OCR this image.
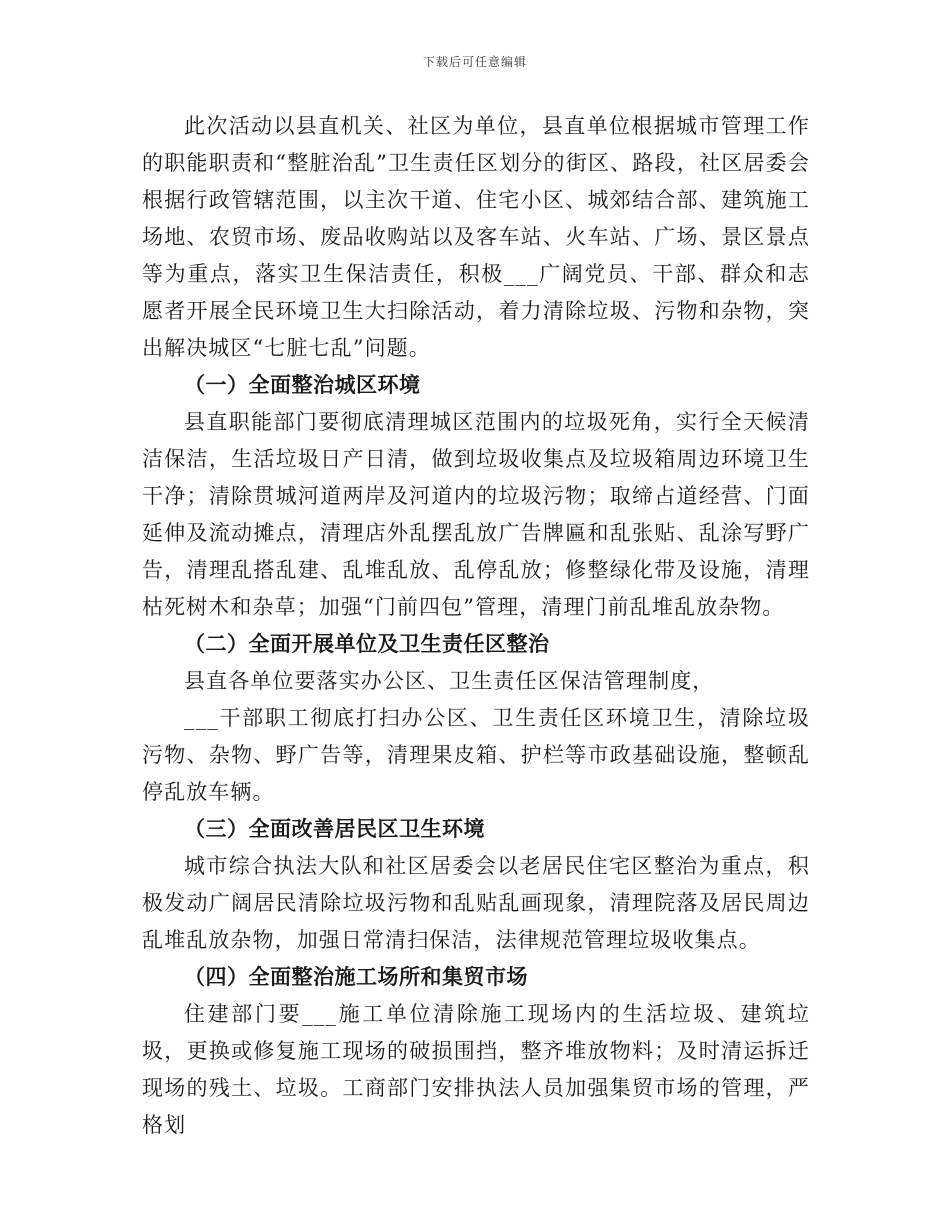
下载后可任意编辑

此次活动以县直机关、社区为单位，县直单位根据城市管理工作的职能职责和“整脏治乱”卫生责任区划分的街区、路段，社区居委会根据行政管辖范围，以主次干道、住宅小区、城郊结合部、建筑施工场地、农贸市场、废品收购站以及客车站、火车站、广场、景区景点等为重点，落实卫生保洁责任，积极___广阔党员、干部、群众和志愿者开展全民环境卫生大扫除活动，着力清除垃圾、污物和杂物，突出解决城区“七脏七乱”问题。

（一）全面整治城区环境

县直职能部门要彻底清理城区范围内的垃圾死角，实行全天候清洁保洁，生活垃圾日产日清，做到垃圾收集点及垃圾箱周边环境卫生干净；清除贯城河道两岸及河道内的垃圾污物；取缔占道经营、门面延伸及流动摊点，清理店外乱摆乱放广告牌匾和乱张贴、乱涂写野广告，清理乱搭乱建、乱堆乱放、乱停乱放；修整绿化带及设施，清理枯死树木和杂草；加强“门前四包”管理，清理门前乱堆乱放杂物。

（二）全面开展单位及卫生责任区整治

县直各单位要落实办公区、卫生责任区保洁管理制度，

___干部职工彻底打扫办公区、卫生责任区环境卫生，清除垃圾污物、杂物、野广告等，清理果皮箱、护栏等市政基础设施，整顿乱停乱放车辆。

（三）全面改善居民区卫生环境

城市综合执法大队和社区居委会以老居民住宅区整治为重点，积极发动广阔居民清除垃圾污物和乱贴乱画现象，清理院落及居民周边乱堆乱放杂物，加强日常清扫保洁，法律规范管理垃圾收集点。

（四）全面整治施工场所和集贸市场

住建部门要___施工单位清除施工现场内的生活垃圾、建筑垃圾，更换或修复施工现场的破损围挡，整齐堆放物料；及时清运拆迁现场的残土、垃圾。工商部门安排执法人员加强集贸市场的管理，严格划
